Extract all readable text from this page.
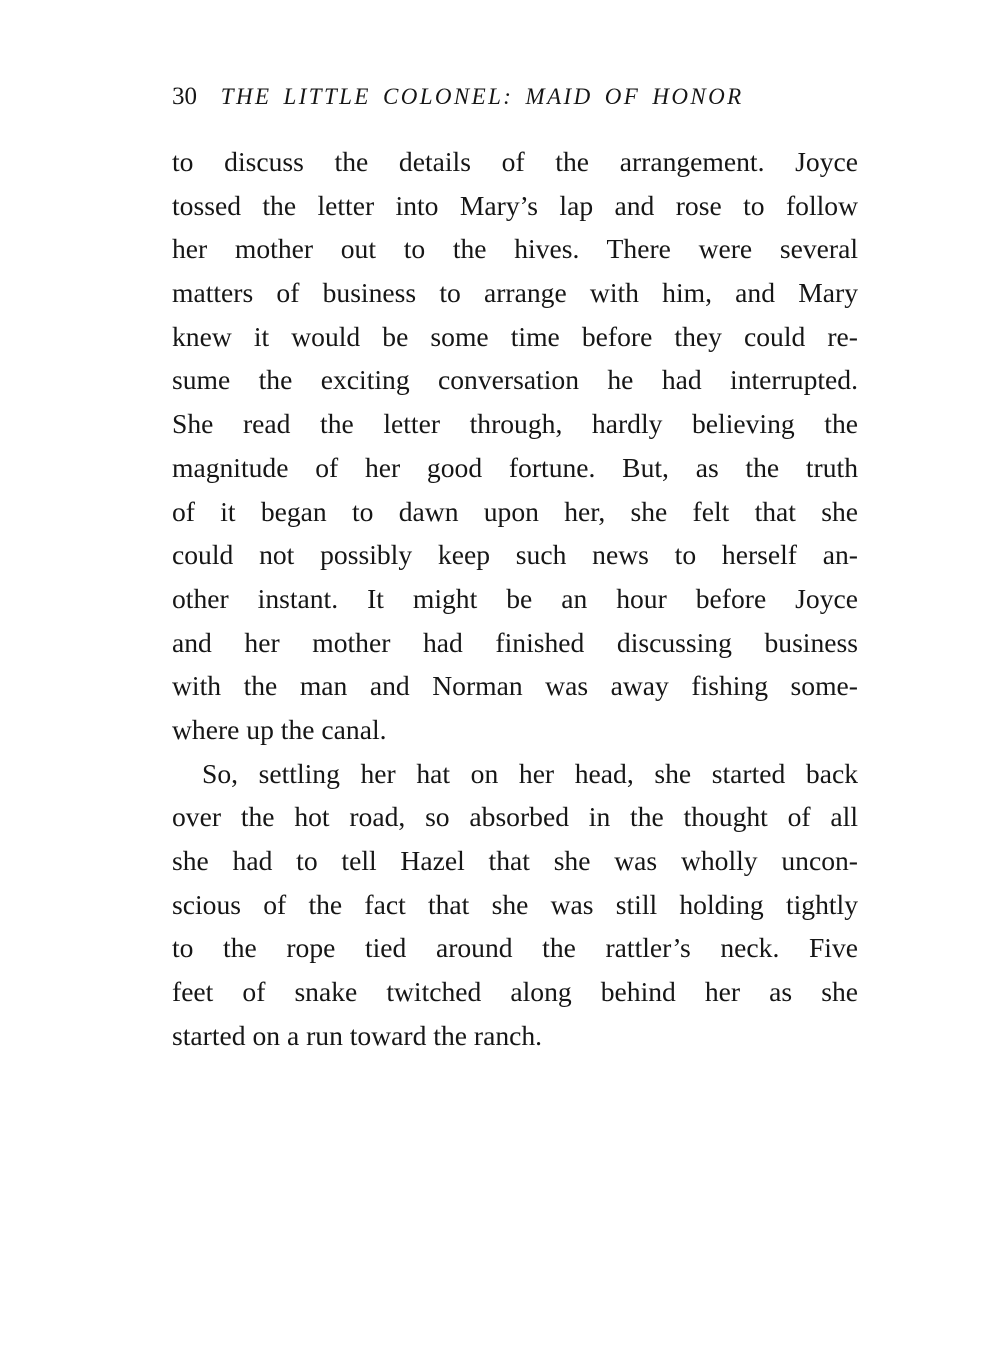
30 THE LITTLE COLONEL: MAID OF HONOR
to discuss the details of the arrangement. Joyce
tossed the letter into Mary’s lap and rose to follow
her mother out to the hives. There were several
matters of business to arrange with him, and Mary
knew it would be some time before they could re-
sume the exciting conversation he had interrupted.
She read the letter through, hardly believing the
magnitude of her good fortune. But, as the truth
of it began to dawn upon her, she felt that she
could not possibly keep such news to herself an-
other instant. It might be an hour before Joyce
and her mother had finished discussing business
with the man and Norman was away fishing some-
where up the canal.
So, settling her hat on her head, she started back
over the hot road, so absorbed in the thought of all
she had to tell Hazel that she was wholly uncon-
scious of the fact that she was still holding tightly
to the rope tied around the rattler’s neck. Five
feet of snake twitched along behind her as she
started on a run toward the ranch.
